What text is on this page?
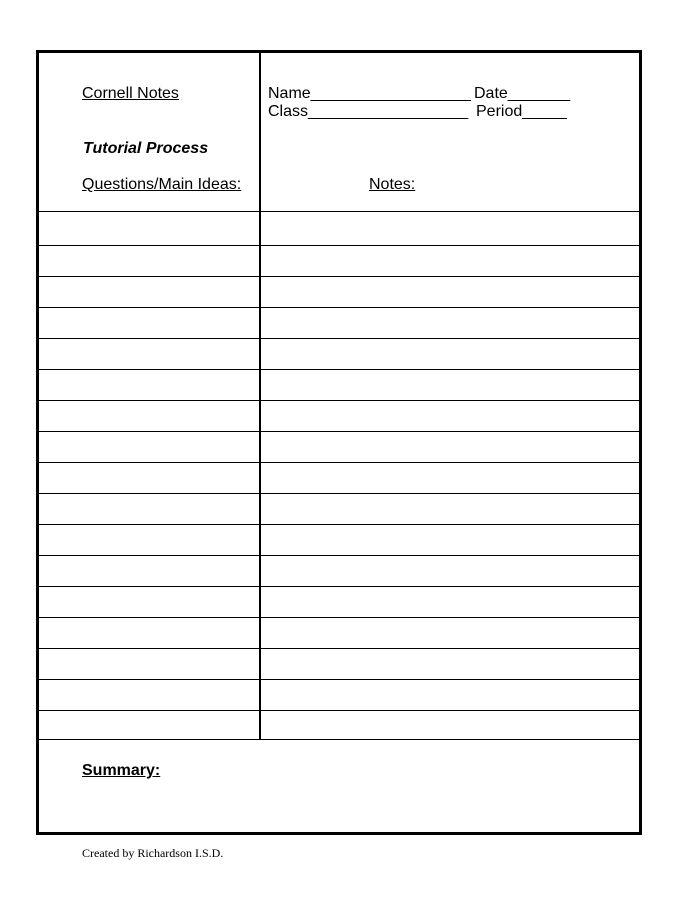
Cornell Notes
Tutorial Process
Questions/Main Ideas:
Name__________________ Date_______
Class__________________ Period_____
Notes:
Summary:
Created by Richardson I.S.D.
